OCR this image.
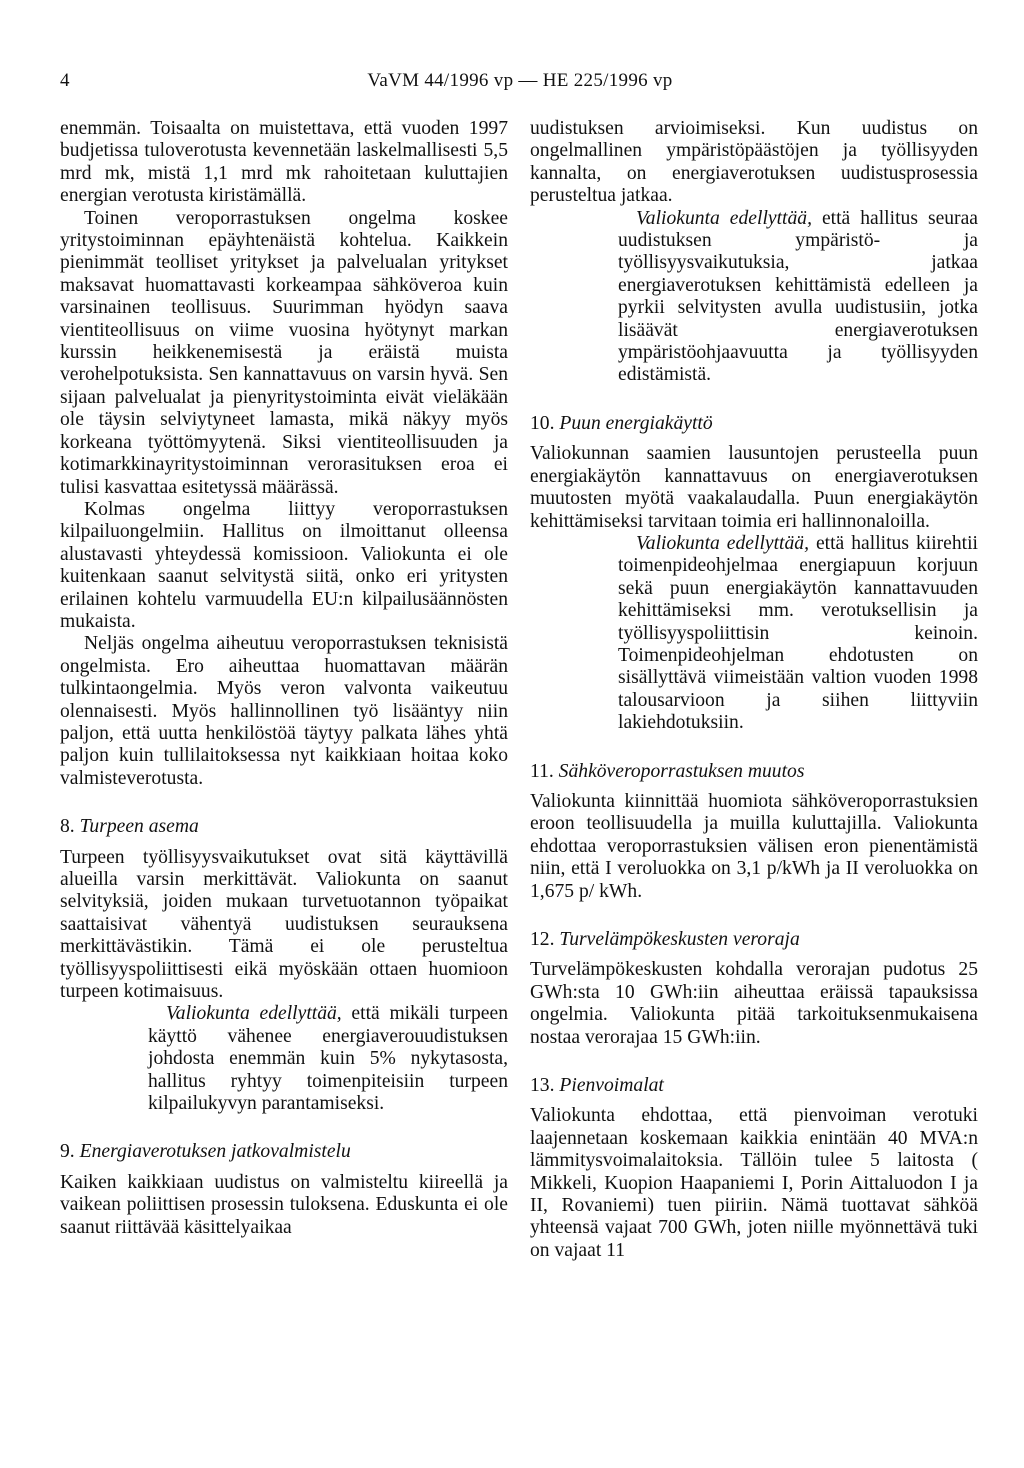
4	VaVM 44/1996 vp — HE 225/1996 vp

enemmän. Toisaalta on muistettava, että vuoden 1997 budjetissa tuloverotusta kevennetään laskelmallisesti 5,5 mrd mk, mistä 1,1 mrd mk rahoitetaan kuluttajien energian verotusta kiristämällä.

Toinen veroporrastuksen ongelma koskee yritystoiminnan epäyhtenäistä kohtelua. Kaikkein pienimmät teolliset yritykset ja palvelualan yritykset maksavat huomattavasti korkeampaa sähköveroa kuin varsinainen teollisuus. Suurimman hyödyn saava vientiteollisuus on viime vuosina hyötynyt markan kurssin heikkenemisestä ja eräistä muista verohelpotuksista. Sen kannattavuus on varsin hyvä. Sen sijaan palvelualat ja pienyritystoiminta eivät vieläkään ole täysin selviytyneet lamasta, mikä näkyy myös korkeana työttömyytenä. Siksi vientiteollisuuden ja kotimarkkinayritystoiminnan verorasituksen eroa ei tulisi kasvattaa esitetyssä määrässä.

Kolmas ongelma liittyy veroporrastuksen kilpailuongelmiin. Hallitus on ilmoittanut olleensa alustavasti yhteydessä komissioon. Valiokunta ei ole kuitenkaan saanut selvitystä siitä, onko eri yritysten erilainen kohtelu varmuudella EU:n kilpailusäännösten mukaista.

Neljäs ongelma aiheutuu veroporrastuksen teknisistä ongelmista. Ero aiheuttaa huomattavan määrän tulkintaongelmia. Myös veron valvonta vaikeutuu olennaisesti. Myös hallinnollinen työ lisääntyy niin paljon, että uutta henkilöstöä täytyy palkata lähes yhtä paljon kuin tullilaitoksessa nyt kaikkiaan hoitaa koko valmisteverotusta.

8. Turpeen asema

Turpeen työllisyysvaikutukset ovat sitä käyttävillä alueilla varsin merkittävät. Valiokunta on saanut selvityksiä, joiden mukaan turvetuotannon työpaikat saattaisivat vähentyä uudistuksen seurauksena merkittävästikin. Tämä ei ole perusteltua työllisyyspoliittisesti eikä myöskään ottaen huomioon turpeen kotimaisuus.

Valiokunta edellyttää, että mikäli turpeen käyttö vähenee energiaverouudistuksen johdosta enemmän kuin 5% nykytasosta, hallitus ryhtyy toimenpiteisiin turpeen kilpailukyvyn parantamiseksi.

9. Energiaverotuksen jatkovalmistelu

Kaiken kaikkiaan uudistus on valmisteltu kiireellä ja vaikean poliittisen prosessin tuloksena. Eduskunta ei ole saanut riittävää käsittelyaikaa

uudistuksen arvioimiseksi. Kun uudistus on ongelmallinen ympäristöpäästöjen ja työllisyyden kannalta, on energiaverotuksen uudistusprosessia perusteltua jatkaa.

Valiokunta edellyttää, että hallitus seuraa uudistuksen ympäristö- ja työllisyysvaikutuksia, jatkaa energiaverotuksen kehittämistä edelleen ja pyrkii selvitysten avulla uudistusiin, jotka lisäävät energiaverotuksen ympäristöohjaavuutta ja työllisyyden edistämistä.

10. Puun energiakäyttö

Valiokunnan saamien lausuntojen perusteella puun energiakäytön kannattavuus on energiaverotuksen muutosten myötä vaakalaudalla. Puun energiakäytön kehittämiseksi tarvitaan toimia eri hallinnonaloilla.

Valiokunta edellyttää, että hallitus kiirehtii toimenpideohjelmaa energiapuun korjuun sekä puun energiakäytön kannattavuuden kehittämiseksi mm. verotuksellisin ja työllisyyspoliittisin keinoin. Toimenpideohjelman ehdotusten on sisällyttävä viimeistään valtion vuoden 1998 talousarvioon ja siihen liittyviin lakiehdotuksiin.

11. Sähköveroporrastuksen muutos

Valiokunta kiinnittää huomiota sähköveroporrastuksien eroon teollisuudella ja muilla kuluttajilla. Valiokunta ehdottaa veroporrastuksien välisen eron pienentämistä niin, että I veroluokka on 3,1 p/kWh ja II veroluokka on 1,675 p/ kWh.

12. Turvelämpökeskusten veroraja

Turvelämpökeskusten kohdalla verorajan pudotus 25 GWh:sta 10 GWh:iin aiheuttaa eräissä tapauksissa ongelmia. Valiokunta pitää tarkoituksenmukaisena nostaa verorajaa 15 GWh:iin.

13. Pienvoimalat

Valiokunta ehdottaa, että pienvoiman verotuki laajennetaan koskemaan kaikkia enintään 40 MVA:n lämmitysvoimalaitoksia. Tällöin tulee 5 laitosta ( Mikkeli, Kuopion Haapaniemi I, Porin Aittaluodon I ja II, Rovaniemi) tuen piiriin. Nämä tuottavat sähköä yhteensä vajaat 700 GWh, joten niille myönnettävä tuki on vajaat 11
